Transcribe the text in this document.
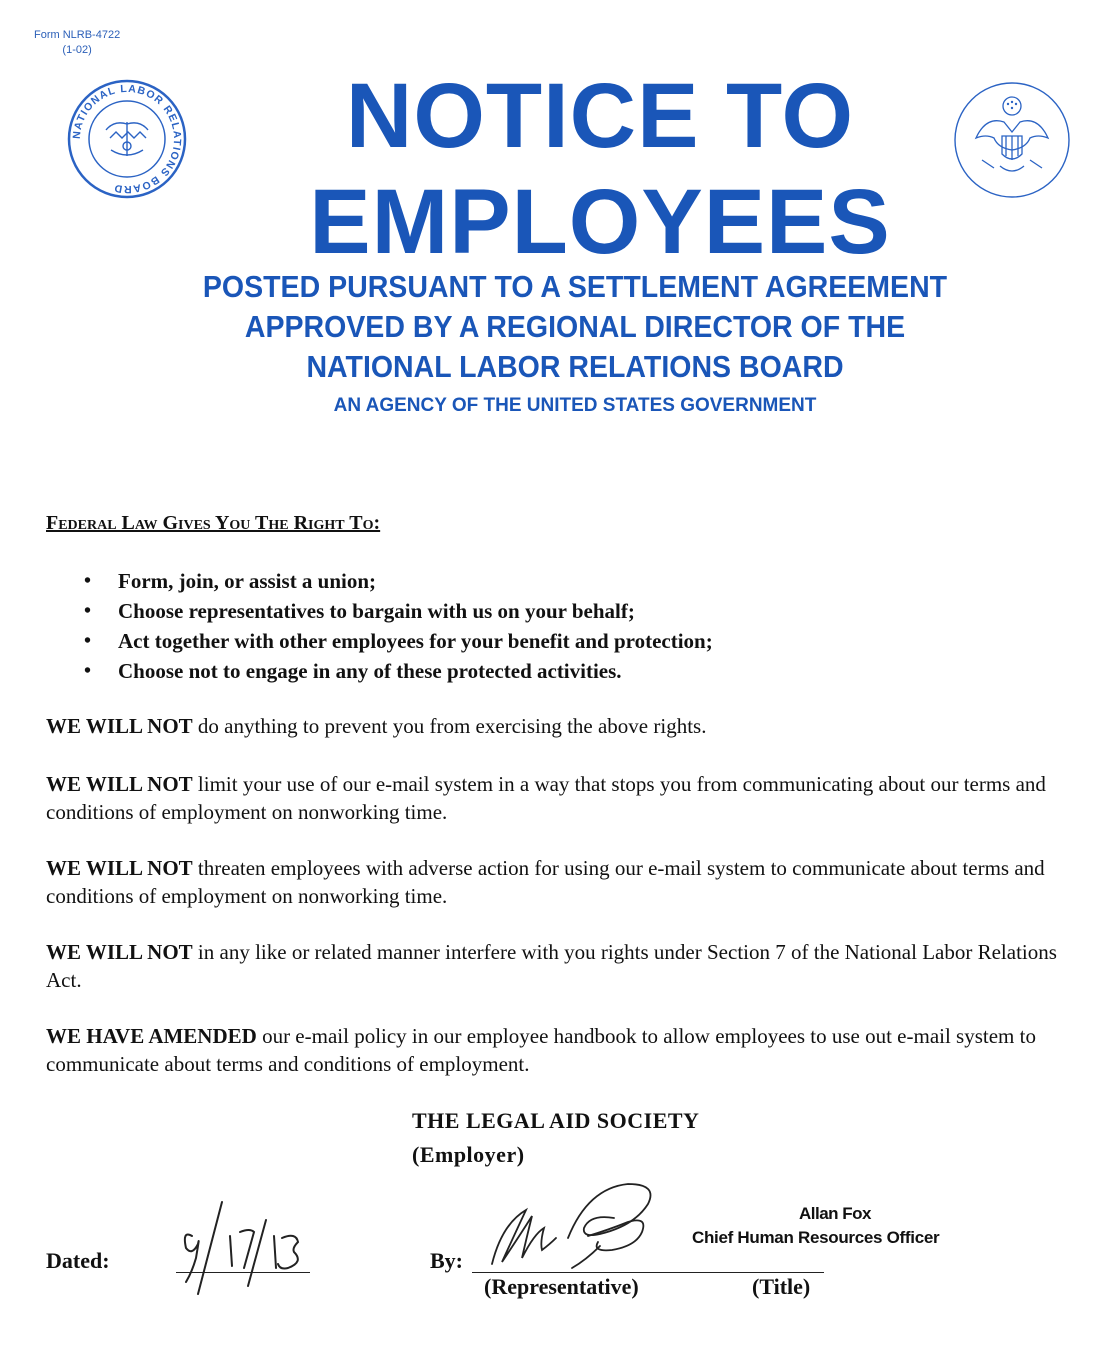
Form NLRB-4722
(1-02)
NATIONAL LABOR RELATIONS BOARD
NOTICE TO
EMPLOYEES
POSTED PURSUANT TO A SETTLEMENT AGREEMENT
APPROVED BY A REGIONAL DIRECTOR OF THE
NATIONAL LABOR RELATIONS BOARD
AN AGENCY OF THE UNITED STATES GOVERNMENT
Federal Law Gives You The Right To:
• Form, join, or assist a union;
• Choose representatives to bargain with us on your behalf;
• Act together with other employees for your benefit and protection;
• Choose not to engage in any of these protected activities.

WE WILL NOT do anything to prevent you from exercising the above rights.

WE WILL NOT limit your use of our e-mail system in a way that stops you from communicating about our terms and conditions of employment on nonworking time.

WE WILL NOT threaten employees with adverse action for using our e-mail system to communicate about terms and conditions of employment on nonworking time.

WE WILL NOT in any like or related manner interfere with you rights under Section 7 of the National Labor Relations Act.

WE HAVE AMENDED our e-mail policy in our employee handbook to allow employees to use out e-mail system to communicate about terms and conditions of employment.

THE LEGAL AID SOCIETY
(Employer)
Dated:	By:
Allan Fox
Chief Human Resources Officer
(Representative)	(Title)
